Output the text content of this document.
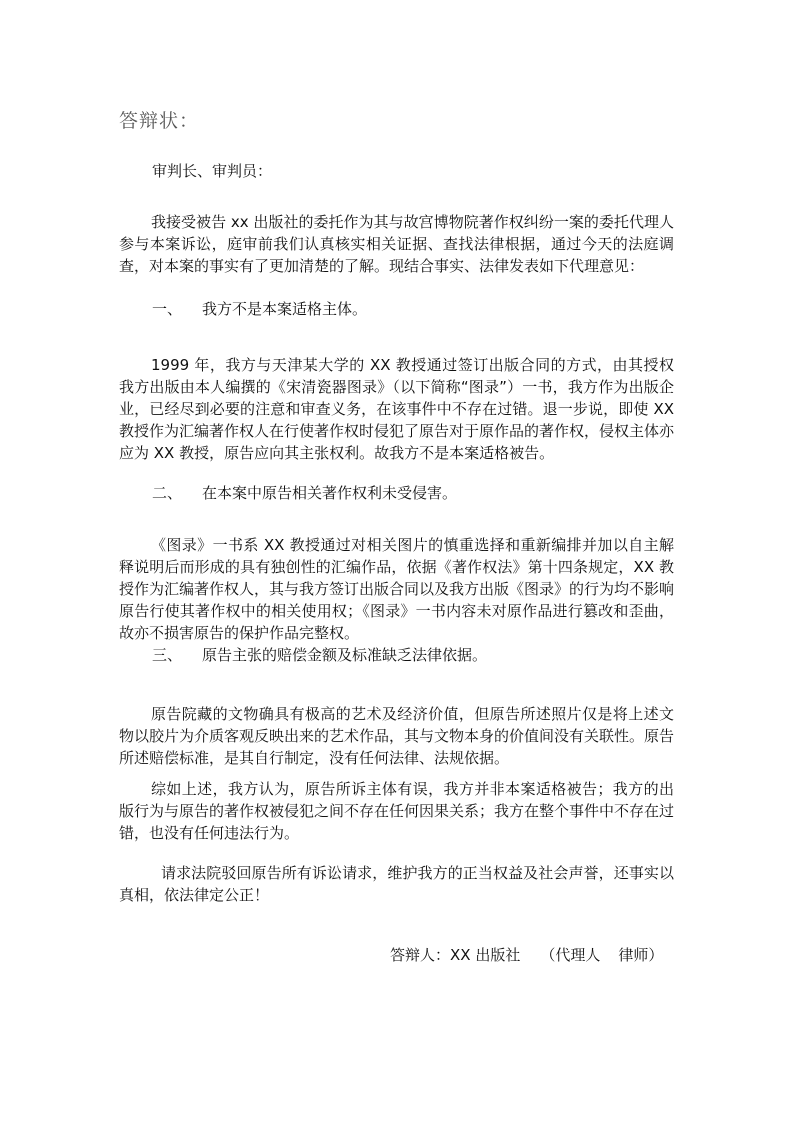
答辩状：
审判长、审判员：

我接受被告 xx 出版社的委托作为其与故宫博物院著作权纠纷一案的委托代理人参与本案诉讼，庭审前我们认真核实相关证据、查找法律根据，通过今天的法庭调查，对本案的事实有了更加清楚的了解。现结合事实、法律发表如下代理意见：

一、 我方不是本案适格主体。

1999 年，我方与天津某大学的 XX 教授通过签订出版合同的方式，由其授权我方出版由本人编撰的《宋清瓷器图录》（以下简称“图录”）一书，我方作为出版企业，已经尽到必要的注意和审查义务，在该事件中不存在过错。退一步说，即使 XX 教授作为汇编著作权人在行使著作权时侵犯了原告对于原作品的著作权，侵权主体亦应为 XX 教授，原告应向其主张权利。故我方不是本案适格被告。

二、 在本案中原告相关著作权利未受侵害。

《图录》一书系 XX 教授通过对相关图片的慎重选择和重新编排并加以自主解释说明后而形成的具有独创性的汇编作品，依据《著作权法》第十四条规定，XX 教授作为汇编著作权人，其与我方签订出版合同以及我方出版《图录》的行为均不影响原告行使其著作权中的相关使用权；《图录》一书内容未对原作品进行篡改和歪曲，故亦不损害原告的保护作品完整权。

三、 原告主张的赔偿金额及标准缺乏法律依据。

原告院藏的文物确具有极高的艺术及经济价值，但原告所述照片仅是将上述文物以胶片为介质客观反映出来的艺术作品，其与文物本身的价值间没有关联性。原告所述赔偿标准，是其自行制定，没有任何法律、法规依据。

综如上述，我方认为，原告所诉主体有误，我方并非本案适格被告；我方的出版行为与原告的著作权被侵犯之间不存在任何因果关系；我方在整个事件中不存在过错，也没有任何违法行为。

请求法院驳回原告所有诉讼请求，维护我方的正当权益及社会声誉，还事实以真相，依法律定公正！

答辩人：XX 出版社 （代理人 律师）
